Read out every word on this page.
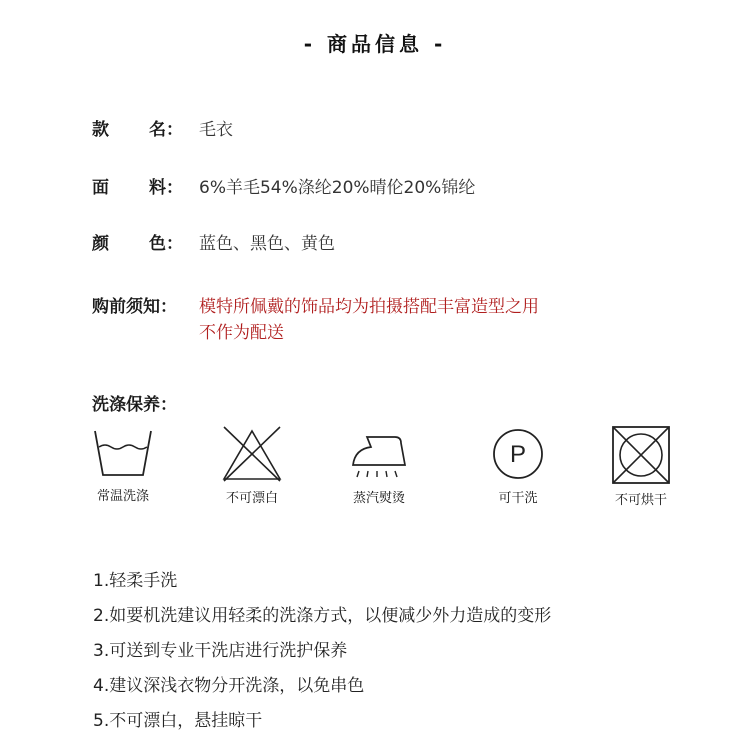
- 商品信息 -
款 名： 毛衣
面 料： 6%羊毛54%涤纶20%晴伦20%锦纶
颜 色： 蓝色、黑色、黄色
购前须知： 模特所佩戴的饰品均为拍摄搭配丰富造型之用
不作为配送
洗涤保养：
常温洗涤	不可漂白	蒸汽熨烫
P
可干洗	不可烘干
1.轻柔手洗
2.如要机洗建议用轻柔的洗涤方式，以便减少外力造成的变形
3.可送到专业干洗店进行洗护保养
4.建议深浅衣物分开洗涤，以免串色
5.不可漂白，悬挂晾干
